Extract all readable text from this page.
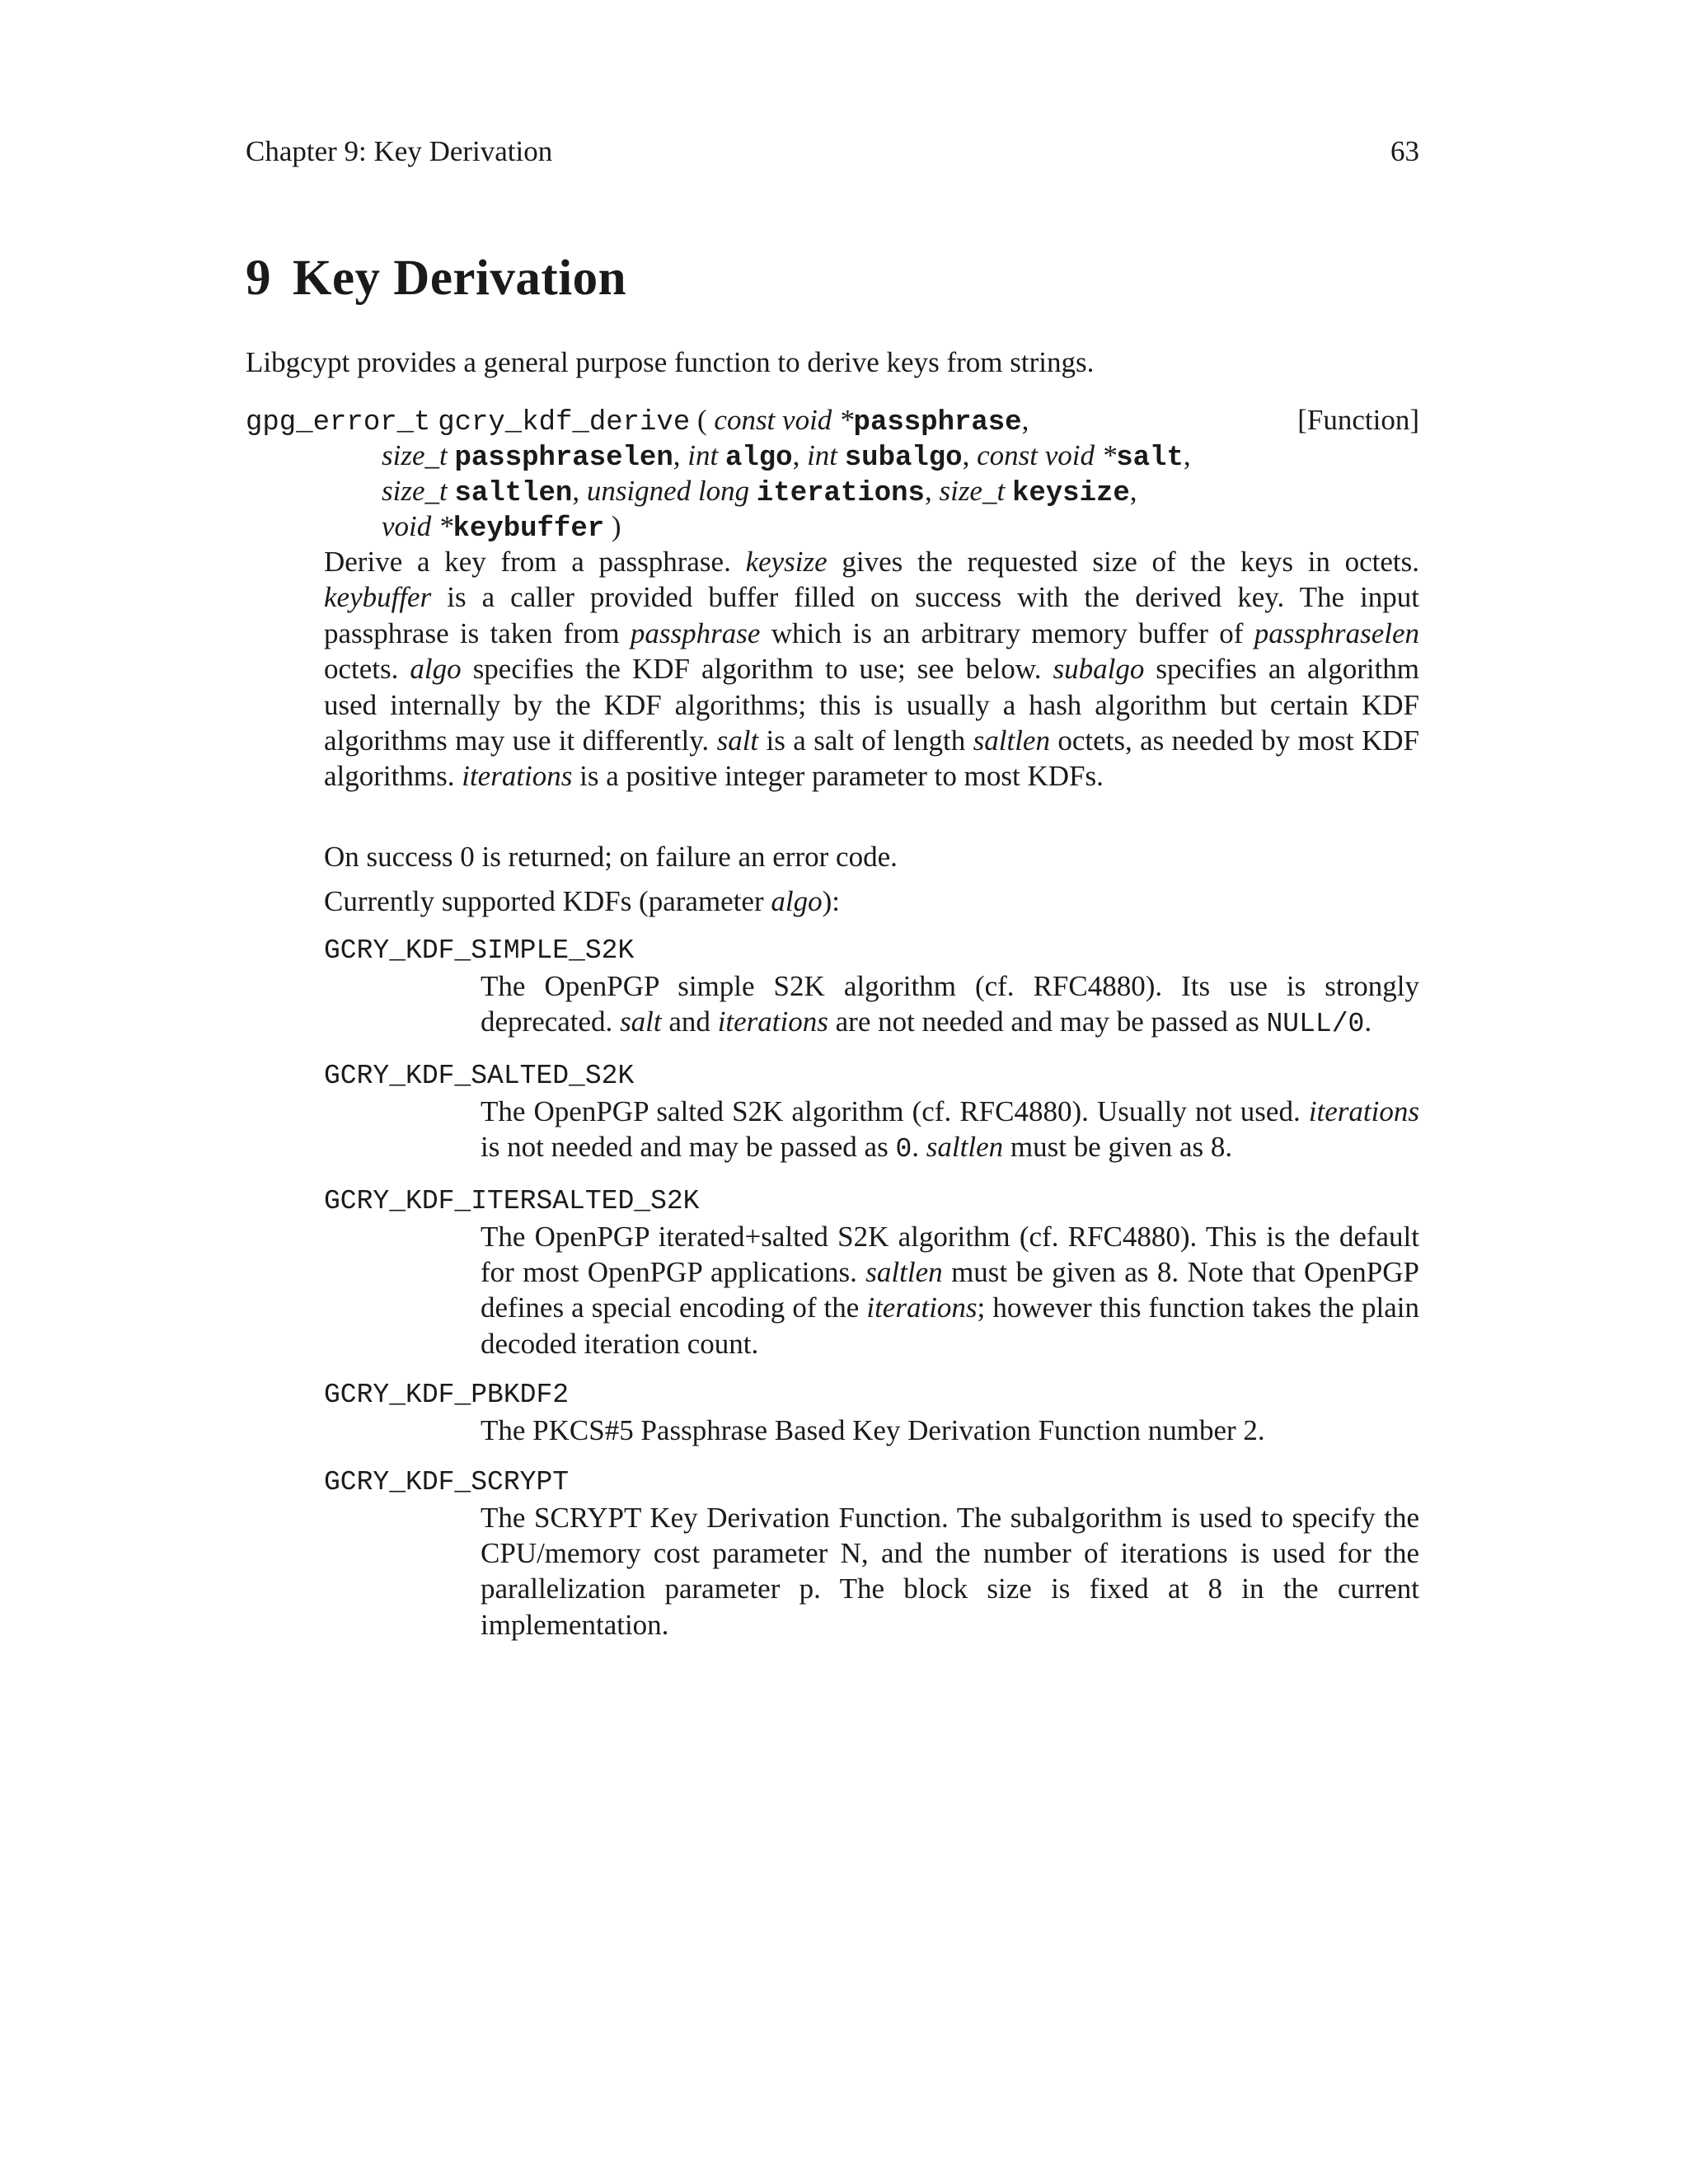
Chapter 9: Key Derivation	63
9 Key Derivation

Libgcypt provides a general purpose function to derive keys from strings.

gpg_error_t gcry_kdf_derive ( const void *passphrase,	[Function]
size_t passphraselen, int algo, int subalgo, const void *salt,
size_t saltlen, unsigned long iterations, size_t keysize,
void *keybuffer )

Derive a key from a passphrase. keysize gives the requested size of the keys in octets. keybuffer is a caller provided buffer filled on success with the derived key. The input passphrase is taken from passphrase which is an arbitrary memory buffer of passphraselen octets. algo specifies the KDF algorithm to use; see below. subalgo specifies an algorithm used internally by the KDF algorithms; this is usually a hash algorithm but certain KDF algorithms may use it differently. salt is a salt of length saltlen octets, as needed by most KDF algorithms. iterations is a positive integer parameter to most KDFs.

On success 0 is returned; on failure an error code.

Currently supported KDFs (parameter algo):

GCRY_KDF_SIMPLE_S2K

The OpenPGP simple S2K algorithm (cf. RFC4880). Its use is strongly deprecated. salt and iterations are not needed and may be passed as NULL/0.

GCRY_KDF_SALTED_S2K

The OpenPGP salted S2K algorithm (cf. RFC4880). Usually not used. iterations is not needed and may be passed as 0. saltlen must be given as 8.

GCRY_KDF_ITERSALTED_S2K

The OpenPGP iterated+salted S2K algorithm (cf. RFC4880). This is the default for most OpenPGP applications. saltlen must be given as 8. Note that OpenPGP defines a special encoding of the iterations; however this function takes the plain decoded iteration count.

GCRY_KDF_PBKDF2

The PKCS#5 Passphrase Based Key Derivation Function number 2.

GCRY_KDF_SCRYPT

The SCRYPT Key Derivation Function. The subalgorithm is used to specify the CPU/memory cost parameter N, and the number of iterations is used for the parallelization parameter p. The block size is fixed at 8 in the current implementation.
